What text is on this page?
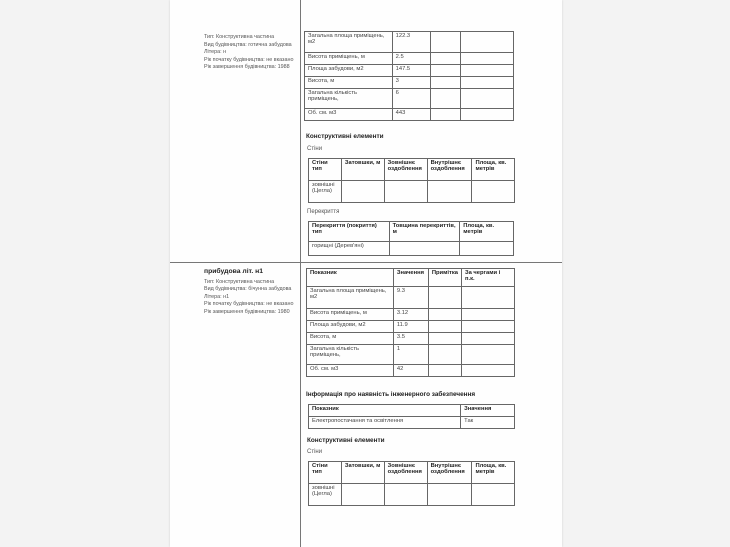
Тип: Конструктивна частина
Вид будівництва: готична забудова
Літера: н
Рік початку будівництва: не вказано
Рік завершення будівництва: 1988
Загальна площа приміщень, м2	122.3		
Висота приміщень, м	2.5		
Площа забудови, м2	147.5		
Висота, м	3		
Загальна кількість приміщень,	6		
Об. см. м3	443		
Конструктивні елементи
Стіни
Стіни тип	Затовшки, м	Зовнішнє оздоблення	Внутрішнє оздоблення	Площа, кв. метрів
зовнішні (Цегла)				
Перекриття
Перекриття (покриття) тип	Товщина перекриттів, м	Площа, кв. метрів
горищні (Дерев'яні)		
прибудова літ. н1
Тип: Конструктивна частина
Вид будівництва: бічунна забудова
Літера: н1
Рік початку будівництва: не вказано
Рік завершення будівництва: 1980
Показник	Значення	Примітка	За чергами і п.к.
Загальна площа приміщень, м2	9.3		
Висота приміщень, м	3.12		
Площа забудови, м2	11.9		
Висота, м	3.5		
Загальна кількість приміщень,	1		
Об. см. м3	42		
Інформація про наявність інженерного забезпечення
Показник	Значення
Електропостачання та освітлення	Так
Конструктивні елементи
Стіни
Стіни тип	Затовшки, м	Зовнішнє оздоблення	Внутрішнє оздоблення	Площа, кв. метрів
зовнішні (Цегла)				
